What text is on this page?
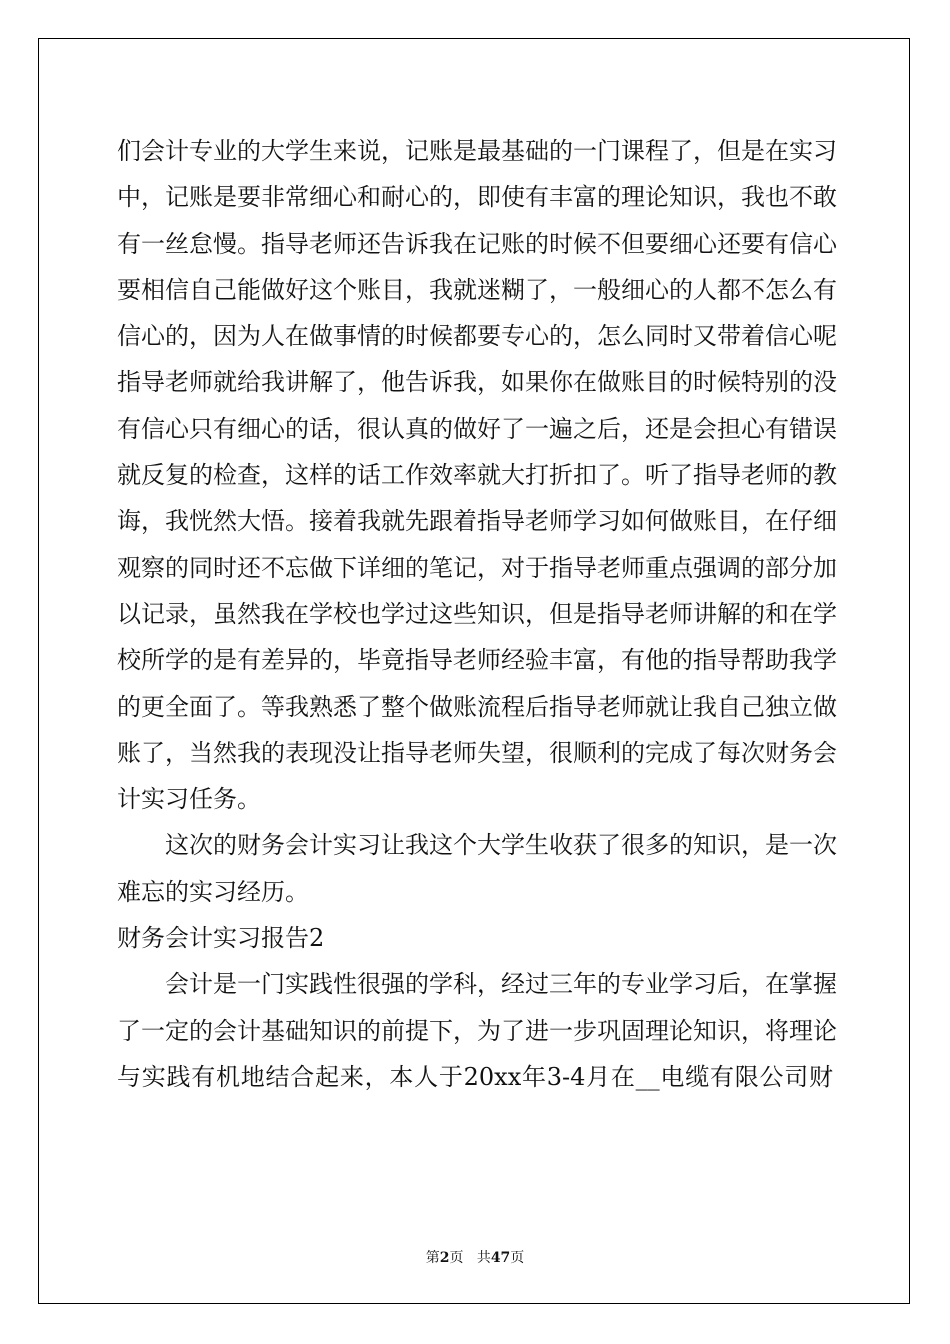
们会计专业的大学生来说，记账是最基础的一门课程了，但是在实习
中，记账是要非常细心和耐心的，即使有丰富的理论知识，我也不敢
有一丝怠慢。指导老师还告诉我在记账的时候不但要细心还要有信心
要相信自己能做好这个账目，我就迷糊了，一般细心的人都不怎么有
信心的，因为人在做事情的时候都要专心的，怎么同时又带着信心呢
指导老师就给我讲解了，他告诉我，如果你在做账目的时候特别的没
有信心只有细心的话，很认真的做好了一遍之后，还是会担心有错误
就反复的检查，这样的话工作效率就大打折扣了。听了指导老师的教
诲，我恍然大悟。接着我就先跟着指导老师学习如何做账目，在仔细
观察的同时还不忘做下详细的笔记，对于指导老师重点强调的部分加
以记录，虽然我在学校也学过这些知识，但是指导老师讲解的和在学
校所学的是有差异的，毕竟指导老师经验丰富，有他的指导帮助我学
的更全面了。等我熟悉了整个做账流程后指导老师就让我自己独立做
账了，当然我的表现没让指导老师失望，很顺利的完成了每次财务会
计实习任务。
这次的财务会计实习让我这个大学生收获了很多的知识，是一次
难忘的实习经历。
财务会计实习报告2
会计是一门实践性很强的学科，经过三年的专业学习后，在掌握
了一定的会计基础知识的前提下，为了进一步巩固理论知识，将理论
与实践有机地结合起来，本人于20xx年3-4月在__电缆有限公司财
第2页 共47页
